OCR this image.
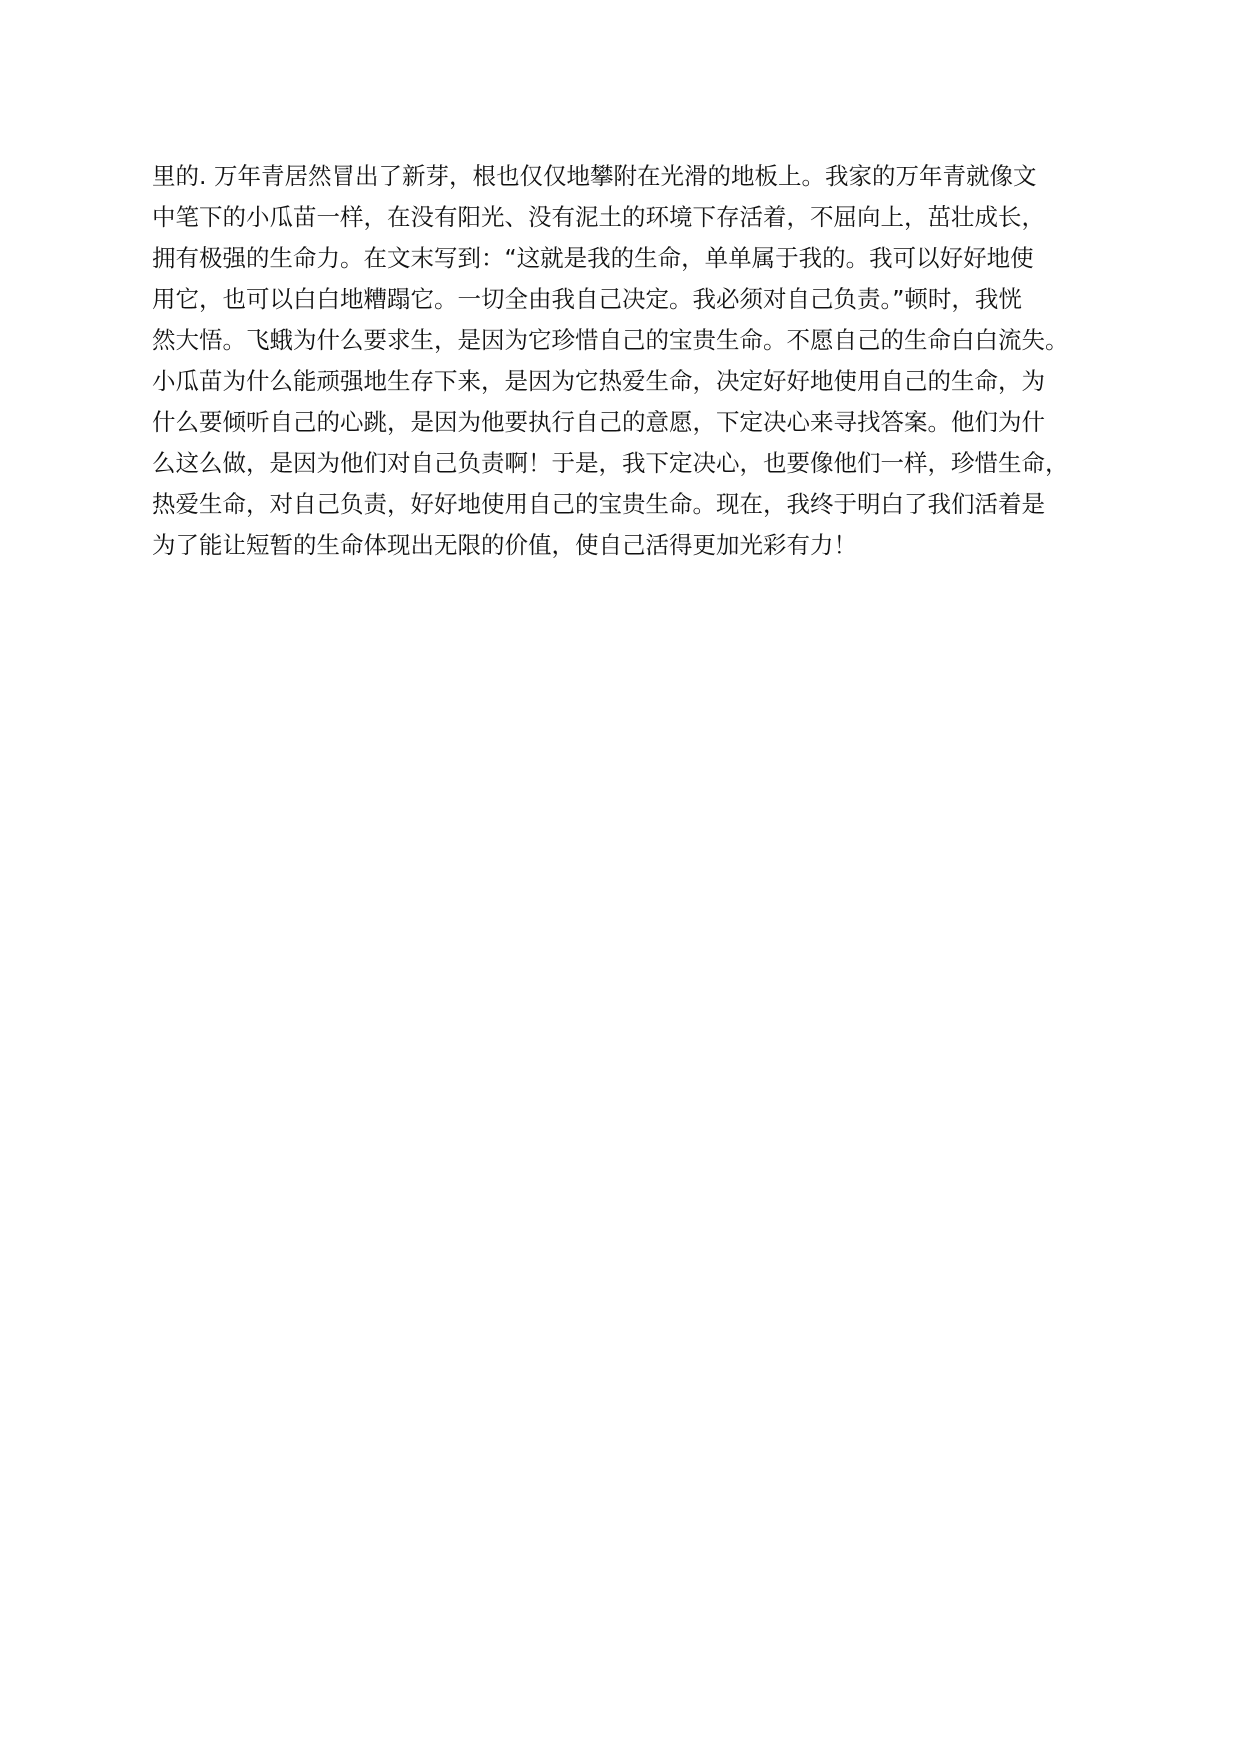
里的. 万年青居然冒出了新芽，根也仅仅地攀附在光滑的地板上。我家的万年青就像文
中笔下的小瓜苗一样，在没有阳光、没有泥土的环境下存活着，不屈向上，茁壮成长，
拥有极强的生命力。在文末写到：“这就是我的生命，单单属于我的。我可以好好地使
用它，也可以白白地糟蹋它。一切全由我自己决定。我必须对自己负责。”顿时，我恍
然大悟。飞蛾为什么要求生，是因为它珍惜自己的宝贵生命。不愿自己的生命白白流失。
小瓜苗为什么能顽强地生存下来，是因为它热爱生命，决定好好地使用自己的生命，为
什么要倾听自己的心跳，是因为他要执行自己的意愿，下定决心来寻找答案。他们为什
么这么做，是因为他们对自己负责啊！于是，我下定决心，也要像他们一样，珍惜生命，
热爱生命，对自己负责，好好地使用自己的宝贵生命。现在，我终于明白了我们活着是
为了能让短暂的生命体现出无限的价值，使自己活得更加光彩有力！
